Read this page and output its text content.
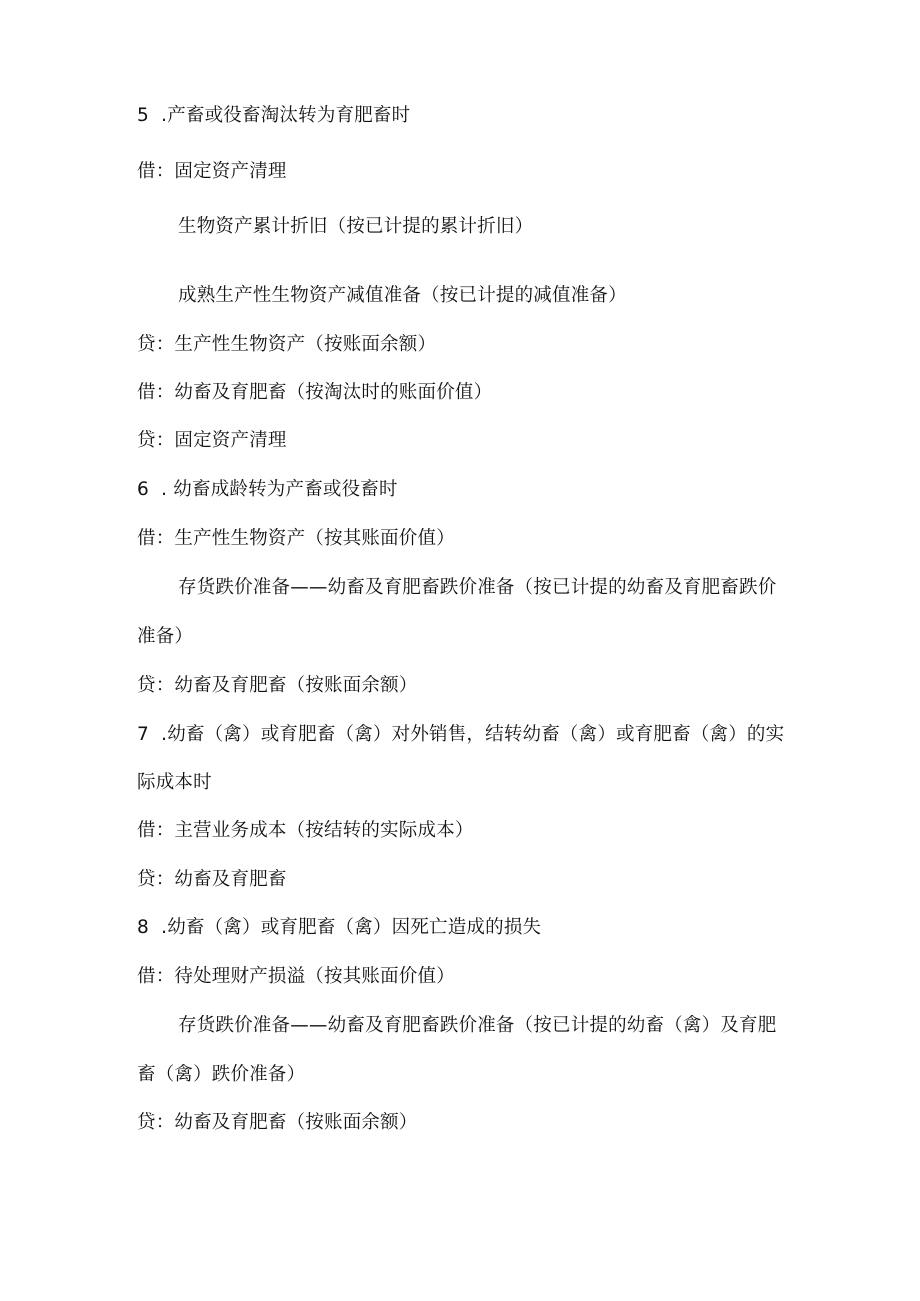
5  .产畜或役畜淘汰转为育肥畜时
借：固定资产清理
生物资产累计折旧（按已计提的累计折旧）
成熟生产性生物资产减值准备（按已计提的减值准备）
贷：生产性生物资产（按账面余额）
借：幼畜及育肥畜（按淘汰时的账面价值）
贷：固定资产清理
6  . 幼畜成龄转为产畜或役畜时
借：生产性生物资产（按其账面价值）
存货跌价准备——幼畜及育肥畜跌价准备（按已计提的幼畜及育肥畜跌价
准备）
贷：幼畜及育肥畜（按账面余额）
7  .幼畜（禽）或育肥畜（禽）对外销售，结转幼畜（禽）或育肥畜（禽）的实
际成本时
借：主营业务成本（按结转的实际成本）
贷：幼畜及育肥畜
8  .幼畜（禽）或育肥畜（禽）因死亡造成的损失
借：待处理财产损溢（按其账面价值）
存货跌价准备——幼畜及育肥畜跌价准备（按已计提的幼畜（禽）及育肥
畜（禽）跌价准备）
贷：幼畜及育肥畜（按账面余额）
